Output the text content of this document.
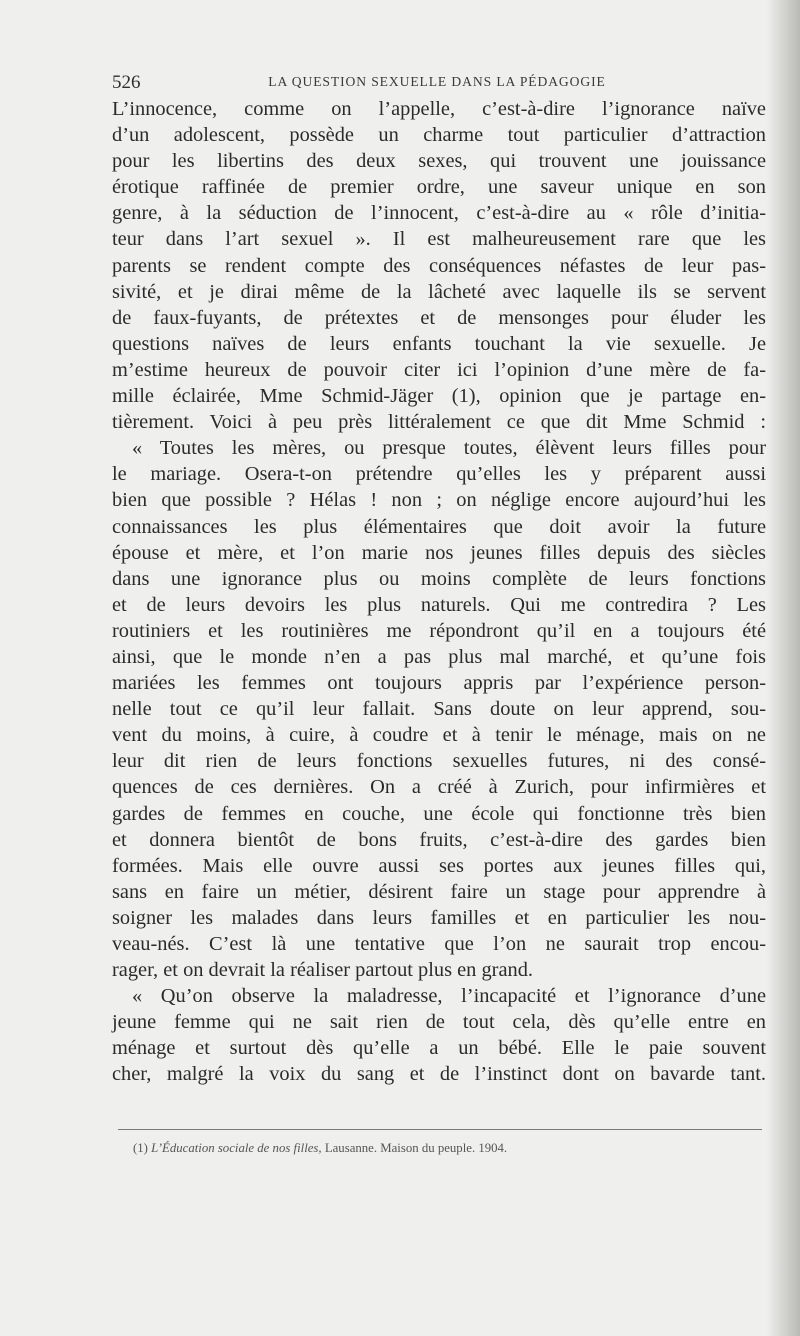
526	LA QUESTION SEXUELLE DANS LA PÉDAGOGIE
L’innocence, comme on l’appelle, c’est-à-dire l’ignorance naïve
d’un adolescent, possède un charme tout particulier d’attraction
pour les libertins des deux sexes, qui trouvent une jouissance
érotique raffinée de premier ordre, une saveur unique en son
genre, à la séduction de l’innocent, c’est-à-dire au « rôle d’initia-
teur dans l’art sexuel ». Il est malheureusement rare que les
parents se rendent compte des conséquences néfastes de leur pas-
sivité, et je dirai même de la lâcheté avec laquelle ils se servent
de faux-fuyants, de prétextes et de mensonges pour éluder les
questions naïves de leurs enfants touchant la vie sexuelle. Je
m’estime heureux de pouvoir citer ici l’opinion d’une mère de fa-
mille éclairée, Mme Schmid-Jäger (1), opinion que je partage en-
tièrement. Voici à peu près littéralement ce que dit Mme Schmid :
« Toutes les mères, ou presque toutes, élèvent leurs filles pour
le mariage. Osera-t-on prétendre qu’elles les y préparent aussi
bien que possible ? Hélas ! non ; on néglige encore aujourd’hui les
connaissances les plus élémentaires que doit avoir la future
épouse et mère, et l’on marie nos jeunes filles depuis des siècles
dans une ignorance plus ou moins complète de leurs fonctions
et de leurs devoirs les plus naturels. Qui me contredira ? Les
routiniers et les routinières me répondront qu’il en a toujours été
ainsi, que le monde n’en a pas plus mal marché, et qu’une fois
mariées les femmes ont toujours appris par l’expérience person-
nelle tout ce qu’il leur fallait. Sans doute on leur apprend, sou-
vent du moins, à cuire, à coudre et à tenir le ménage, mais on ne
leur dit rien de leurs fonctions sexuelles futures, ni des consé-
quences de ces dernières. On a créé à Zurich, pour infirmières et
gardes de femmes en couche, une école qui fonctionne très bien
et donnera bientôt de bons fruits, c’est-à-dire des gardes bien
formées. Mais elle ouvre aussi ses portes aux jeunes filles qui,
sans en faire un métier, désirent faire un stage pour apprendre à
soigner les malades dans leurs familles et en particulier les nou-
veau-nés. C’est là une tentative que l’on ne saurait trop encou-
rager, et on devrait la réaliser partout plus en grand.
« Qu’on observe la maladresse, l’incapacité et l’ignorance d’une
jeune femme qui ne sait rien de tout cela, dès qu’elle entre en
ménage et surtout dès qu’elle a un bébé. Elle le paie souvent
cher, malgré la voix du sang et de l’instinct dont on bavarde tant.
(1) L’Éducation sociale de nos filles, Lausanne. Maison du peuple. 1904.
